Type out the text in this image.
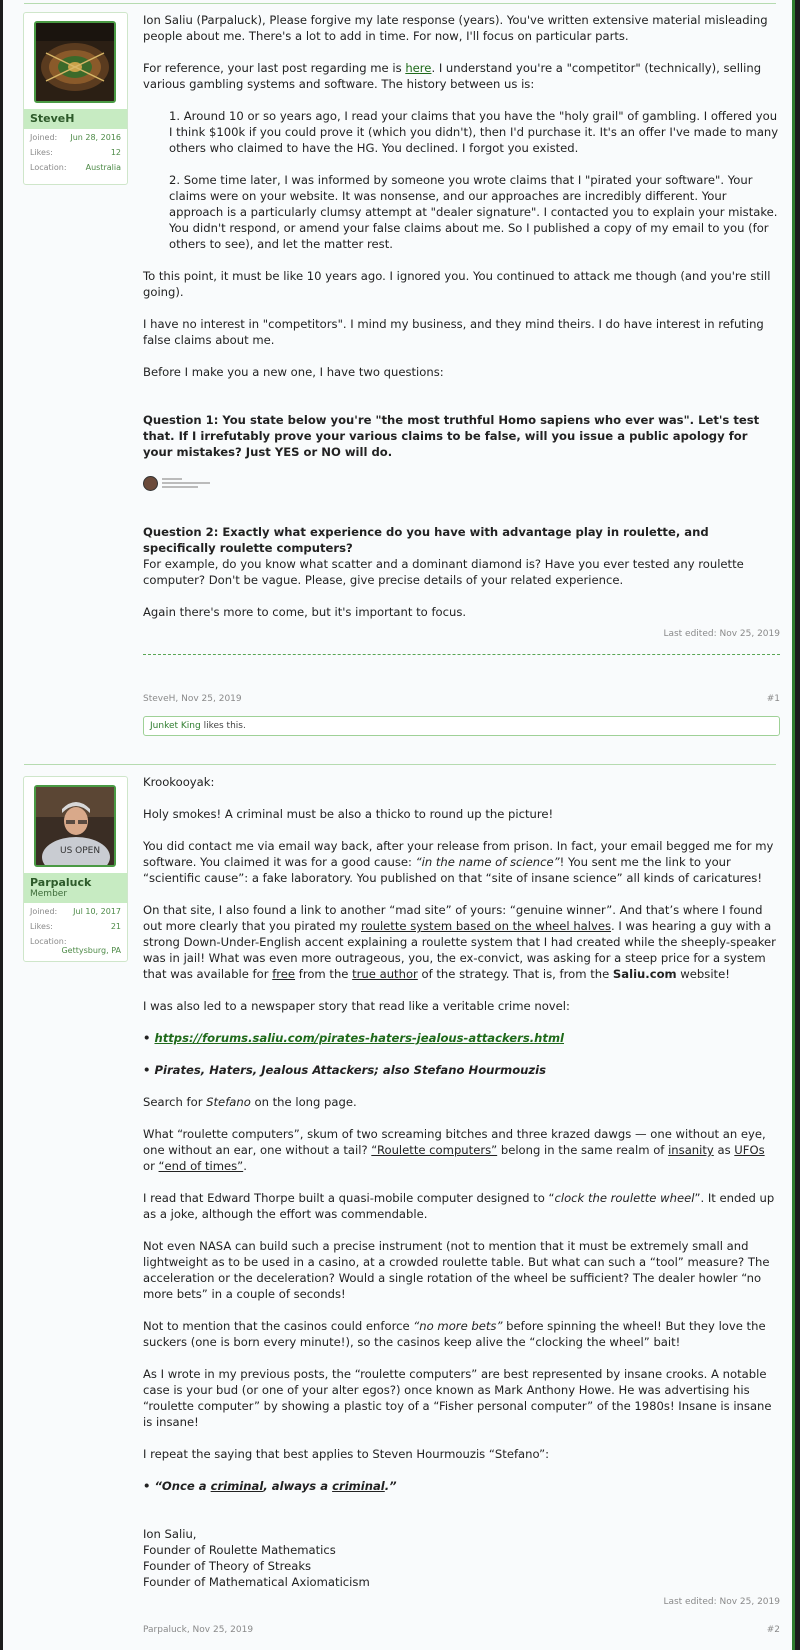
SteveH
Joined: Jun 28, 2016
Likes:	12
Location: Australia

Ion Saliu (Parpaluck), Please forgive my late response (years). You've written extensive material misleading people about me. There's a lot to add in time. For now, I'll focus on particular parts.

For reference, your last post regarding me is here. I understand you're a "competitor" (technically), selling various gambling systems and software. The history between us is:

1. Around 10 or so years ago, I read your claims that you have the "holy grail" of gambling. I offered you I think $100k if you could prove it (which you didn't), then I'd purchase it. It's an offer I've made to many others who claimed to have the HG. You declined. I forgot you existed.

2. Some time later, I was informed by someone you wrote claims that I "pirated your software". Your claims were on your website. It was nonsense, and our approaches are incredibly different. Your approach is a particularly clumsy attempt at "dealer signature". I contacted you to explain your mistake. You didn't respond, or amend your false claims about me. So I published a copy of my email to you (for others to see), and let the matter rest.

To this point, it must be like 10 years ago. I ignored you. You continued to attack me though (and you're still going).

I have no interest in "competitors". I mind my business, and they mind theirs. I do have interest in refuting false claims about me.

Before I make you a new one, I have two questions:

Question 1: You state below you're "the most truthful Homo sapiens who ever was". Let's test that. If I irrefutably prove your various claims to be false, will you issue a public apology for your mistakes? Just YES or NO will do.

Question 2: Exactly what experience do you have with advantage play in roulette, and specifically roulette computers?

For example, do you know what scatter and a dominant diamond is? Have you ever tested any roulette computer? Don't be vague. Please, give precise details of your related experience.

Again there's more to come, but it's important to focus.

Last edited: Nov 25, 2019
SteveH, Nov 25, 2019	#1
Junket King likes this.
US OPEN
Parpaluck
Member
Joined: Jul 10, 2017
Likes:	21
Location:
Gettysburg, PA

Krookooyak:

Holy smokes! A criminal must be also a thicko to round up the picture!

You did contact me via email way back, after your release from prison. In fact, your email begged me for my software. You claimed it was for a good cause: “in the name of science”! You sent me the link to your “scientific cause”: a fake laboratory. You published on that “site of insane science” all kinds of caricatures!

On that site, I also found a link to another “mad site” of yours: “genuine winner”. And that’s where I found out more clearly that you pirated my roulette system based on the wheel halves. I was hearing a guy with a strong Down-Under-English accent explaining a roulette system that I had created while the sheeply-speaker was in jail! What was even more outrageous, you, the ex-convict, was asking for a steep price for a system that was available for free from the true author of the strategy. That is, from the Saliu.com website!

I was also led to a newspaper story that read like a veritable crime novel:

• https://forums.saliu.com/pirates-haters-jealous-attackers.html

• Pirates, Haters, Jealous Attackers; also Stefano Hourmouzis

Search for Stefano on the long page.

What “roulette computers”, skum of two screaming bitches and three krazed dawgs — one without an eye, one without an ear, one without a tail? “Roulette computers” belong in the same realm of insanity as UFOs or “end of times”.

I read that Edward Thorpe built a quasi-mobile computer designed to “clock the roulette wheel”. It ended up as a joke, although the effort was commendable.

Not even NASA can build such a precise instrument (not to mention that it must be extremely small and lightweight as to be used in a casino, at a crowded roulette table. But what can such a “tool” measure? The acceleration or the deceleration? Would a single rotation of the wheel be sufficient? The dealer howler “no more bets” in a couple of seconds!

Not to mention that the casinos could enforce “no more bets” before spinning the wheel! But they love the suckers (one is born every minute!), so the casinos keep alive the “clocking the wheel” bait!

As I wrote in my previous posts, the “roulette computers” are best represented by insane crooks. A notable case is your bud (or one of your alter egos?) once known as Mark Anthony Howe. He was advertising his “roulette computer” by showing a plastic toy of a “Fisher personal computer” of the 1980s! Insane is insane is insane!

I repeat the saying that best applies to Steven Hourmouzis “Stefano”:

• “Once a criminal, always a criminal.”

Ion Saliu,
Founder of Roulette Mathematics
Founder of Theory of Streaks
Founder of Mathematical Axiomaticism
Last edited: Nov 25, 2019
Parpaluck, Nov 25, 2019	#2
